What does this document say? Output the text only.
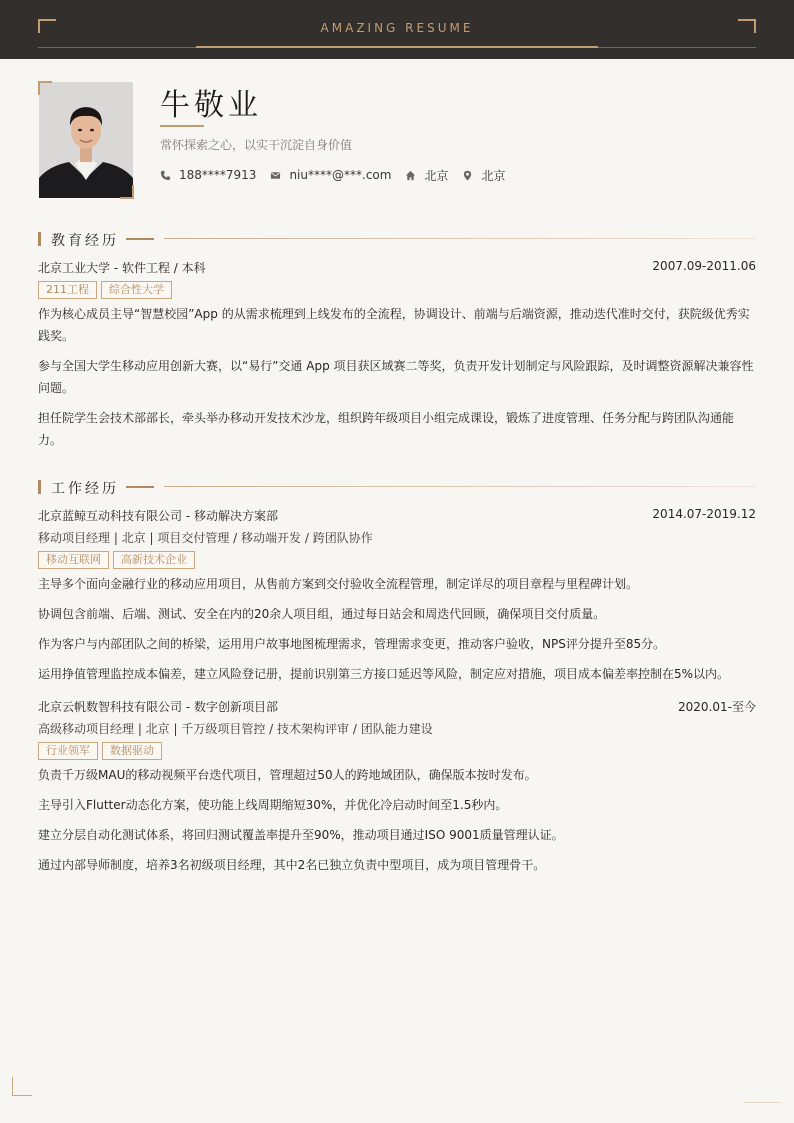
AMAZING RESUME
牛敬业
常怀探索之心，以实干沉淀自身价值
188****7913	niu****@***.com	北京	北京
教育经历
北京工业大学 - 软件工程 / 本科	2007.09-2011.06
211工程	综合性大学
作为核心成员主导“智慧校园”App 的从需求梳理到上线发布的全流程，协调设计、前端与后端资源，推动迭代准时交付，获院级优秀实践奖。
参与全国大学生移动应用创新大赛，以“易行”交通 App 项目获区域赛二等奖，负责开发计划制定与风险跟踪，及时调整资源解决兼容性问题。
担任院学生会技术部部长，牵头举办移动开发技术沙龙，组织跨年级项目小组完成课设，锻炼了进度管理、任务分配与跨团队沟通能力。
工作经历
北京蓝鲸互动科技有限公司 - 移动解决方案部	2014.07-2019.12
移动项目经理 | 北京 | 项目交付管理 / 移动端开发 / 跨团队协作
移动互联网	高新技术企业
主导多个面向金融行业的移动应用项目，从售前方案到交付验收全流程管理，制定详尽的项目章程与里程碑计划。
协调包含前端、后端、测试、安全在内的20余人项目组，通过每日站会和周迭代回顾，确保项目交付质量。
作为客户与内部团队之间的桥梁，运用用户故事地图梳理需求，管理需求变更，推动客户验收，NPS评分提升至85分。
运用挣值管理监控成本偏差，建立风险登记册，提前识别第三方接口延迟等风险，制定应对措施，项目成本偏差率控制在5%以内。
北京云帆数智科技有限公司 - 数字创新项目部	2020.01-至今
高级移动项目经理 | 北京 | 千万级项目管控 / 技术架构评审 / 团队能力建设
行业领军	数据驱动
负责千万级MAU的移动视频平台迭代项目，管理超过50人的跨地域团队，确保版本按时发布。
主导引入Flutter动态化方案，使功能上线周期缩短30%，并优化冷启动时间至1.5秒内。
建立分层自动化测试体系，将回归测试覆盖率提升至90%，推动项目通过ISO 9001质量管理认证。
通过内部导师制度，培养3名初级项目经理，其中2名已独立负责中型项目，成为项目管理骨干。
